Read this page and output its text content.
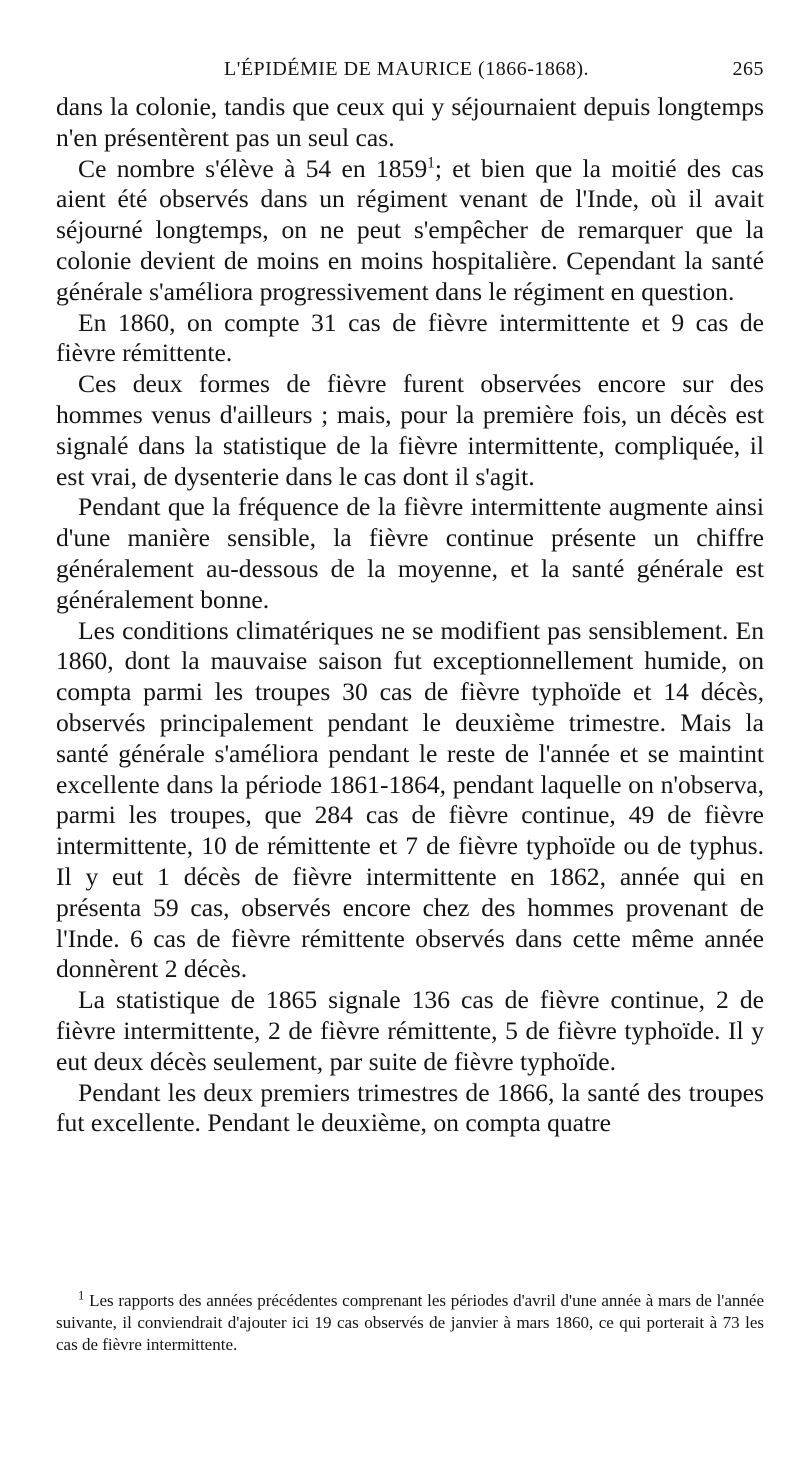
L'ÉPIDÉMIE DE MAURICE (1866-1868).	265

dans la colonie, tandis que ceux qui y séjournaient depuis longtemps n'en présentèrent pas un seul cas.

Ce nombre s'élève à 54 en 1859$^1$; et bien que la moitié des cas aient été observés dans un régiment venant de l'Inde, où il avait séjourné longtemps, on ne peut s'empêcher de remarquer que la colonie devient de moins en moins hospitalière. Cependant la santé générale s'améliora progressivement dans le régiment en question.

En 1860, on compte 31 cas de fièvre intermittente et 9 cas de fièvre rémittente.

Ces deux formes de fièvre furent observées encore sur des hommes venus d'ailleurs ; mais, pour la première fois, un décès est signalé dans la statistique de la fièvre intermittente, compliquée, il est vrai, de dysenterie dans le cas dont il s'agit.

Pendant que la fréquence de la fièvre intermittente augmente ainsi d'une manière sensible, la fièvre continue présente un chiffre généralement au-dessous de la moyenne, et la santé générale est généralement bonne.

Les conditions climatériques ne se modifient pas sensiblement. En 1860, dont la mauvaise saison fut exceptionnellement humide, on compta parmi les troupes 30 cas de fièvre typhoïde et 14 décès, observés principalement pendant le deuxième trimestre. Mais la santé générale s'améliora pendant le reste de l'année et se maintint excellente dans la période 1861-1864, pendant laquelle on n'observa, parmi les troupes, que 284 cas de fièvre continue, 49 de fièvre intermittente, 10 de rémittente et 7 de fièvre typhoïde ou de typhus. Il y eut 1 décès de fièvre intermittente en 1862, année qui en présenta 59 cas, observés encore chez des hommes provenant de l'Inde. 6 cas de fièvre rémittente observés dans cette même année donnèrent 2 décès.

La statistique de 1865 signale 136 cas de fièvre continue, 2 de fièvre intermittente, 2 de fièvre rémittente, 5 de fièvre typhoïde. Il y eut deux décès seulement, par suite de fièvre typhoïde.

Pendant les deux premiers trimestres de 1866, la santé des troupes fut excellente. Pendant le deuxième, on compta quatre

$^1$ Les rapports des années précédentes comprenant les périodes d'avril d'une année à mars de l'année suivante, il conviendrait d'ajouter ici 19 cas observés de janvier à mars 1860, ce qui porterait à 73 les cas de fièvre intermittente.
